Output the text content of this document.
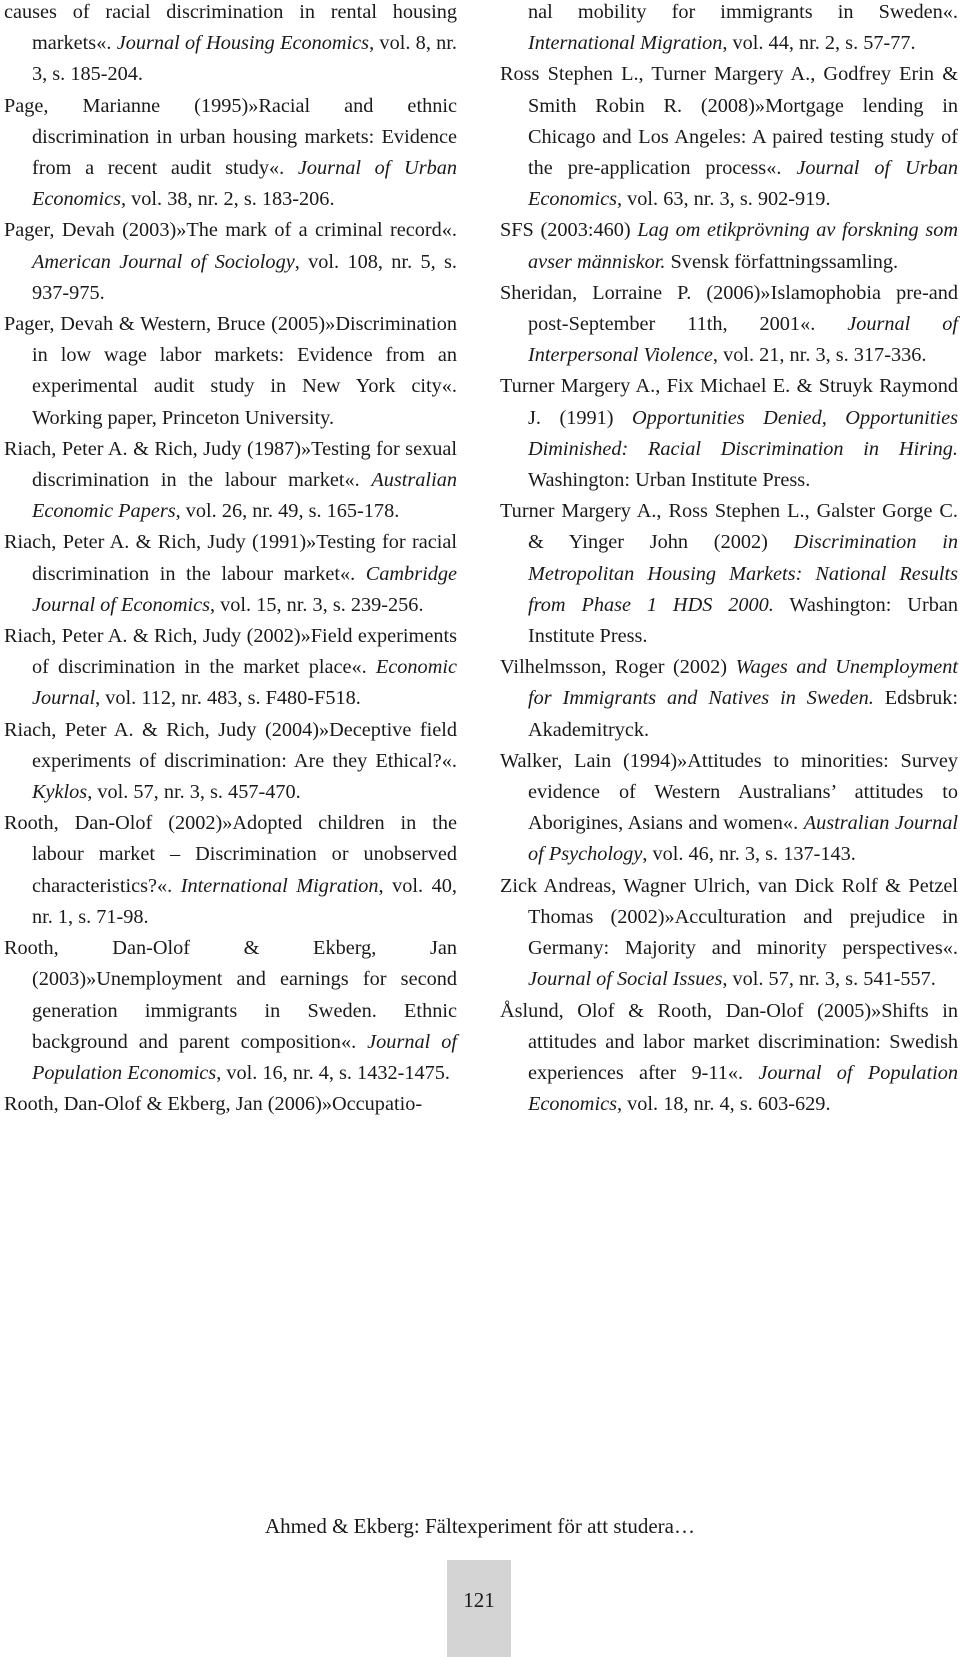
causes of racial discrimination in rental housing markets«. Journal of Housing Economics, vol. 8, nr. 3, s. 185-204.

Page, Marianne (1995)»Racial and ethnic discrimination in urban housing markets: Evidence from a recent audit study«. Journal of Urban Economics, vol. 38, nr. 2, s. 183-206.

Pager, Devah (2003)»The mark of a criminal record«. American Journal of Sociology, vol. 108, nr. 5, s. 937-975.

Pager, Devah & Western, Bruce (2005)»Discrimination in low wage labor markets: Evidence from an experimental audit study in New York city«. Working paper, Princeton University.

Riach, Peter A. & Rich, Judy (1987)»Testing for sexual discrimination in the labour market«. Australian Economic Papers, vol. 26, nr. 49, s. 165-178.

Riach, Peter A. & Rich, Judy (1991)»Testing for racial discrimination in the labour market«. Cambridge Journal of Economics, vol. 15, nr. 3, s. 239-256.

Riach, Peter A. & Rich, Judy (2002)»Field experiments of discrimination in the market place«. Economic Journal, vol. 112, nr. 483, s. F480-F518.

Riach, Peter A. & Rich, Judy (2004)»Deceptive field experiments of discrimination: Are they Ethical?«. Kyklos, vol. 57, nr. 3, s. 457-470.

Rooth, Dan-Olof (2002)»Adopted children in the labour market – Discrimination or unobserved characteristics?«. International Migration, vol. 40, nr. 1, s. 71-98.

Rooth, Dan-Olof & Ekberg, Jan (2003)»Unemployment and earnings for second generation immigrants in Sweden. Ethnic background and parent composition«. Journal of Population Economics, vol. 16, nr. 4, s. 1432-1475.

Rooth, Dan-Olof & Ekberg, Jan (2006)»Occupatio-

nal mobility for immigrants in Sweden«. International Migration, vol. 44, nr. 2, s. 57-77.

Ross Stephen L., Turner Margery A., Godfrey Erin & Smith Robin R. (2008)»Mortgage lending in Chicago and Los Angeles: A paired testing study of the pre-application process«. Journal of Urban Economics, vol. 63, nr. 3, s. 902-919.

SFS (2003:460) Lag om etikprövning av forskning som avser människor. Svensk författningssamling.

Sheridan, Lorraine P. (2006)»Islamophobia pre-and post-September 11th, 2001«. Journal of Interpersonal Violence, vol. 21, nr. 3, s. 317-336.

Turner Margery A., Fix Michael E. & Struyk Raymond J. (1991) Opportunities Denied, Opportunities Diminished: Racial Discrimination in Hiring. Washington: Urban Institute Press.

Turner Margery A., Ross Stephen L., Galster Gorge C. & Yinger John (2002) Discrimination in Metropolitan Housing Markets: National Results from Phase 1 HDS 2000. Washington: Urban Institute Press.

Vilhelmsson, Roger (2002) Wages and Unemployment for Immigrants and Natives in Sweden. Edsbruk: Akademitryck.

Walker, Lain (1994)»Attitudes to minorities: Survey evidence of Western Australians’ attitudes to Aborigines, Asians and women«. Australian Journal of Psychology, vol. 46, nr. 3, s. 137-143.

Zick Andreas, Wagner Ulrich, van Dick Rolf & Petzel Thomas (2002)»Acculturation and prejudice in Germany: Majority and minority perspectives«. Journal of Social Issues, vol. 57, nr. 3, s. 541-557.

Åslund, Olof & Rooth, Dan-Olof (2005)»Shifts in attitudes and labor market discrimination: Swedish experiences after 9-11«. Journal of Population Economics, vol. 18, nr. 4, s. 603-629.

Ahmed & Ekberg: Fältexperiment för att studera…
121
